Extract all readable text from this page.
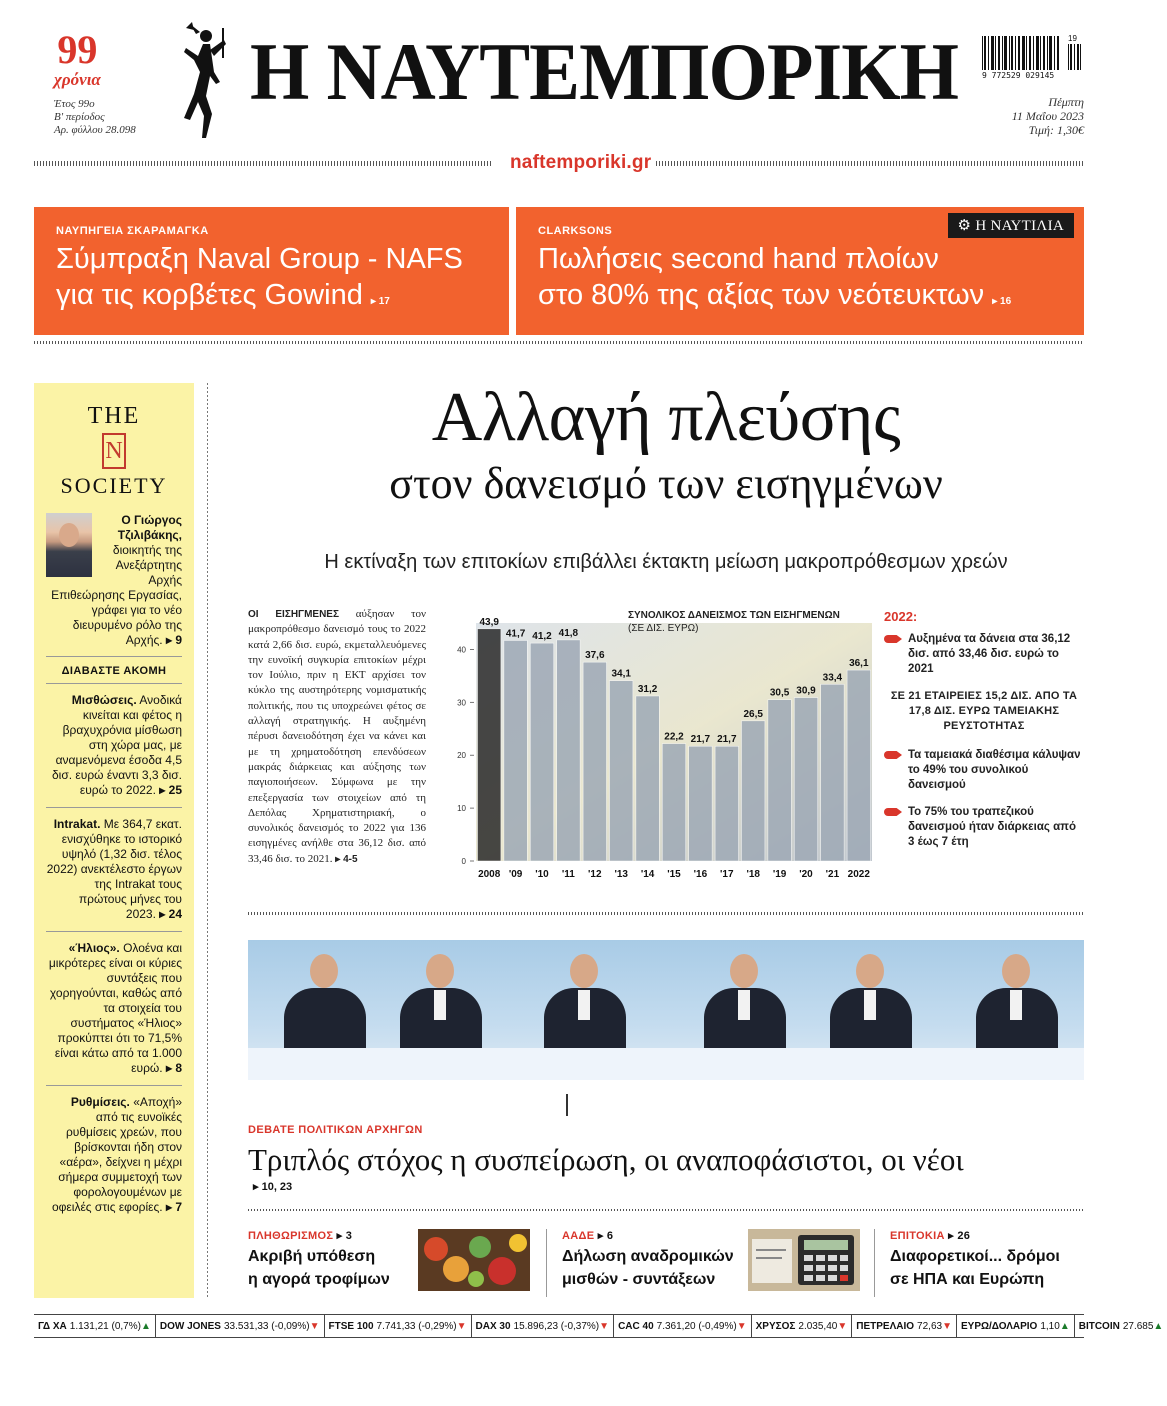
99
χρόνια
Έτος 99ο
Β' περίοδος
Αρ. φύλλου 28.098
Η ΝΑΥΤΕΜΠΟΡΙΚΗ	9 772529 029145
19
Πέμπτη
11 Μαΐου 2023
Τιμή: 1,30€
naftemporiki.gr
ΝΑΥΠΗΓΕΙΑ ΣΚΑΡΑΜΑΓΚΑ
Σύμπραξη Naval Group - NAFS
για τις κορβέτες Gowind ▸ 17
⚙ Η ΝΑΥΤΙΛΙΑ
CLARKSONS
Πωλήσεις second hand πλοίων
στο 80% της αξίας των νεότευκτων ▸ 16
THE
N
SOCIETY
Ο Γιώργος Τζιλιβάκης, διοικητής της Ανεξάρτητης Αρχής Επιθεώρησης Εργασίας, γράφει για το νέο διευρυμένο ρόλο της Αρχής. ▸ 9
ΔΙΑΒΑΣΤΕ ΑΚΟΜΗ
Μισθώσεις. Ανοδικά κινείται και φέτος η βραχυχρόνια μίσθωση στη χώρα μας, με αναμενόμενα έσοδα 4,5 δισ. ευρώ έναντι 3,3 δισ. ευρώ το 2022. ▸ 25
Intrakat. Με 364,7 εκατ. ενισχύθηκε το ιστορικό υψηλό (1,32 δισ. τέλος 2022) ανεκτέλεστο έργων της Intrakat τους πρώτους μήνες του 2023. ▸ 24
«Ήλιος». Ολοένα και μικρότερες είναι οι κύριες συντάξεις που χορηγούνται, καθώς από τα στοιχεία του συστήματος «Ήλιος» προκύπτει ότι το 71,5% είναι κάτω από τα 1.000 ευρώ. ▸ 8
Ρυθμίσεις. «Αποχή» από τις ευνοϊκές ρυθμίσεις χρεών, που βρίσκονται ήδη στον «αέρα», δείχνει η μέχρι σήμερα συμμετοχή των φορολογουμένων με οφειλές στις εφορίες. ▸ 7
Αλλαγή πλεύσης
στον δανεισμό των εισηγμένων
Η εκτίναξη των επιτοκίων επιβάλλει έκτακτη μείωση μακροπρόθεσμων χρεών
ΟΙ ΕΙΣΗΓΜΕΝΕΣ αύξησαν τον μακροπρόθεσμο δανεισμό τους το 2022 κατά 2,66 δισ. ευρώ, εκμεταλλευόμενες την ευνοϊκή συγκυρία επιτοκίων μέχρι τον Ιούλιο, πριν η ΕΚΤ αρχίσει τον κύκλο της αυστηρότερης νομισματικής πολιτικής, που τις υποχρεώνει φέτος σε αλλαγή στρατηγικής. Η αυξημένη πέρυσι δανειοδότηση έχει να κάνει και με τη χρηματοδότηση επενδύσεων μακράς διάρκειας και αύξησης των παγιοποιήσεων. Σύμφωνα με την επεξεργασία των στοιχείων από τη Δεπόλας Χρηματιστηριακή, ο συνολικός δανεισμός το 2022 για 136 εισηγμένες ανήλθε στα 36,12 δισ. από 33,46 δισ. το 2021. ▸ 4-5	0
10
20
30
40
43,9
41,7 41,2 41,8
37,6
34,1
31,2
22,2 21,7 21,7
26,5
30,5 30,9
33,4
36,1
2008 '09 '10 '11 '12 '13 '14 '15 '16 '17 '18 '19 '20 '21 2022
ΣΥΝΟΛΙΚΟΣ ΔΑΝΕΙΣΜΟΣ ΤΩΝ ΕΙΣΗΓΜΕΝΩΝ
(ΣΕ ΔΙΣ. ΕΥΡΩ)
2022:
Αυξημένα τα δάνεια στα 36,12 δισ. από 33,46 δισ. ευρώ το 2021
ΣΕ 21 ΕΤΑΙΡΕΙΕΣ 15,2 ΔΙΣ. ΑΠΟ ΤΑ 17,8 ΔΙΣ. ΕΥΡΩ ΤΑΜΕΙΑΚΗΣ ΡΕΥΣΤΟΤΗΤΑΣ
Τα ταμειακά διαθέσιμα κάλυψαν το 49% του συνολικού δανεισμού
Το 75% του τραπεζικού δανεισμού ήταν διάρκειας από 3 έως 7 έτη
DEBATE ΠΟΛΙΤΙΚΩΝ ΑΡΧΗΓΩΝ
Τριπλός στόχος η συσπείρωση, οι αναποφάσιστοι, οι νέοι
▸ 10, 23
ΠΛΗΘΩΡΙΣΜΟΣ ▸ 3
Ακριβή υπόθεση
η αγορά τροφίμων
ΑΑΔΕ ▸ 6
Δήλωση αναδρομικών
μισθών - συντάξεων
ΕΠΙΤΟΚΙΑ ▸ 26
Διαφορετικοί... δρόμοι
σε ΗΠΑ και Ευρώπη
ΓΔ ΧΑ 1.131,21 (0,7%) ▲ DOW JONES 33.531,33 (-0,09%) ▼ FTSE 100 7.741,33 (-0,29%) ▼ DAX 30 15.896,23 (-0,37%) ▼ CAC 40 7.361,20 (-0,49%) ▼ ΧΡΥΣΟΣ 2.035,40 ▼ ΠΕΤΡΕΛΑΙΟ 72,63 ▼ ΕΥΡΩ/ΔΟΛΑΡΙΟ 1,10 ▲ BITCOIN 27.685 ▲
